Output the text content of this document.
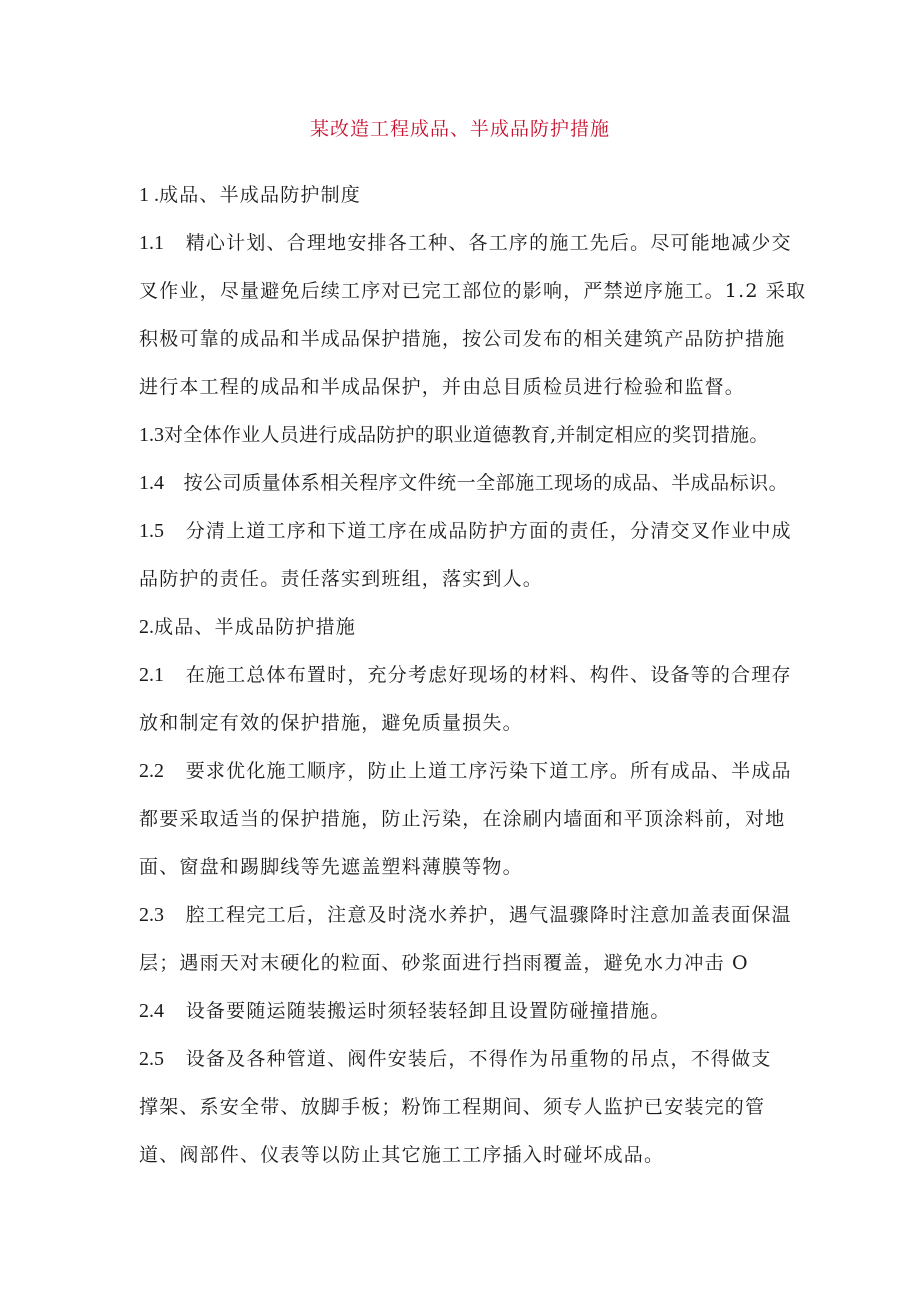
某改造工程成品、半成品防护措施
1 .成品、半成品防护制度
1.1   精心计划、合理地安排各工种、各工序的施工先后。尽可能地减少交
叉作业，尽量避免后续工序对已完工部位的影响，严禁逆序施工。1.2 采取
积极可靠的成品和半成品保护措施，按公司发布的相关建筑产品防护措施
进行本工程的成品和半成品保护，并由总目质检员进行检验和监督。
1.3对全体作业人员进行成品防护的职业道德教育,并制定相应的奖罚措施。
1.4   按公司质量体系相关程序文件统一全部施工现场的成品、半成品标识。
1.5   分清上道工序和下道工序在成品防护方面的责任，分清交叉作业中成
品防护的责任。责任落实到班组，落实到人。
2.成品、半成品防护措施
2.1   在施工总体布置时，充分考虑好现场的材料、构件、设备等的合理存
放和制定有效的保护措施，避免质量损失。
2.2   要求优化施工顺序，防止上道工序污染下道工序。所有成品、半成品
都要采取适当的保护措施，防止污染，在涂刷内墙面和平顶涂料前，对地
面、窗盘和踢脚线等先遮盖塑料薄膜等物。
2.3   腔工程完工后，注意及时浇水养护，遇气温骤降时注意加盖表面保温
层；遇雨天对末硬化的粒面、砂浆面进行挡雨覆盖，避免水力冲击 O
2.4   设备要随运随装搬运时须轻装轻卸且设置防碰撞措施。
2.5   设备及各种管道、阀件安装后，不得作为吊重物的吊点，不得做支
撑架、系安全带、放脚手板；粉饰工程期间、须专人监护已安装完的管
道、阀部件、仪表等以防止其它施工工序插入时碰坏成品。
